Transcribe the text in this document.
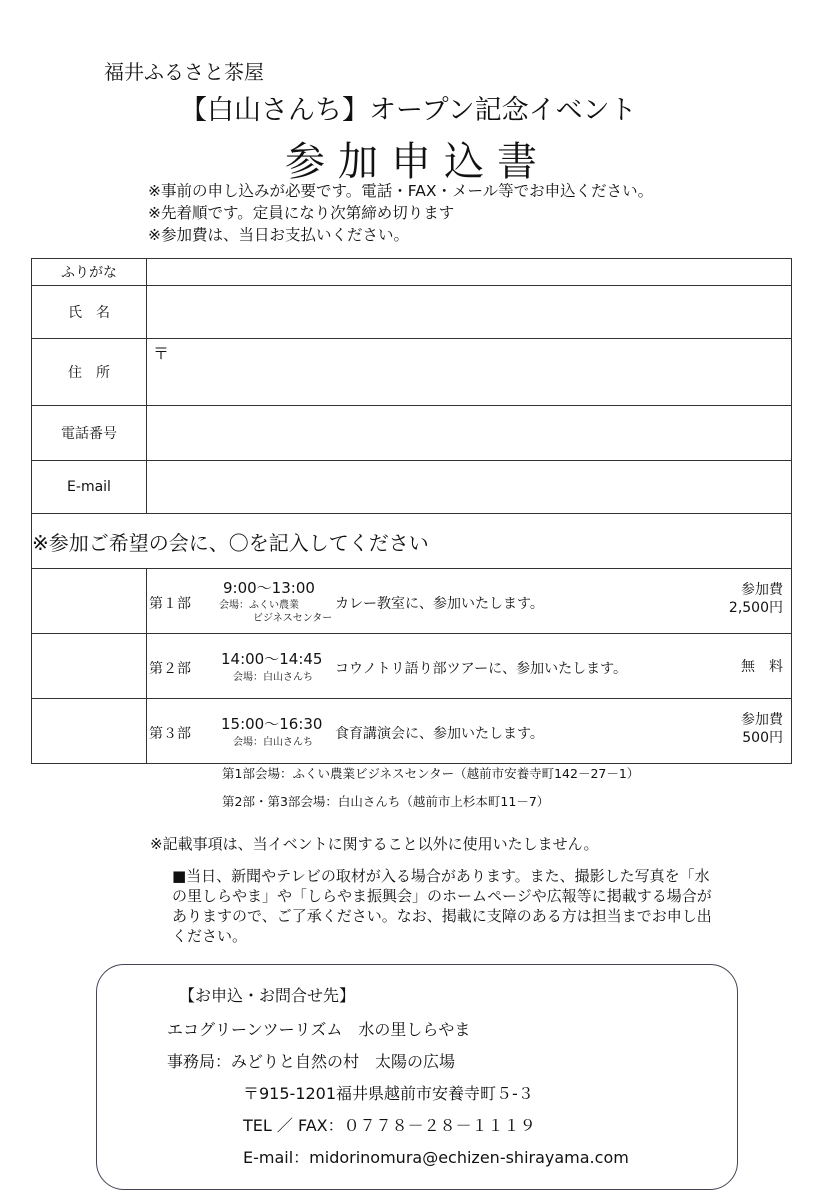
福井ふるさと茶屋
【白山さんち】オープン記念イベント
参加申込書
※事前の申し込みが必要です。電話・FAX・メール等でお申込ください。
※先着順です。定員になり次第締め切ります
※参加費は、当日お支払いください。
ふりがな
氏　名
住　所
〒
電話番号
E-mail
※参加ご希望の会に、〇を記入してください
第１部
9:00～13:00
会場：ふくい農業
ビジネスセンター
カレー教室に、参加いたします。
参加費
2,500円
第２部
14:00～14:45
会場：白山さんち
コウノトリ語り部ツアーに、参加いたします。	無　料
第３部
15:00～16:30
会場：白山さんち
食育講演会に、参加いたします。
参加費
500円
第1部会場：ふくい農業ビジネスセンター（越前市安養寺町142－27－1）
第2部・第3部会場：白山さんち（越前市上杉本町11－7）
※記載事項は、当イベントに関すること以外に使用いたしません。

■当日、新聞やテレビの取材が入る場合があります。また、撮影した写真を「水
の里しらやま」や「しらやま振興会」のホームページや広報等に掲載する場合が
ありますので、ご了承ください。なお、掲載に支障のある方は担当までお申し出
ください。

【お申込・お問合せ先】
エコグリーンツーリズム　水の里しらやま
事務局：みどりと自然の村　太陽の広場
〒915-1201福井県越前市安養寺町５-３
TEL ／ FAX：０７７８－２８－１１１９
E-mail：midorinomura@echizen-shirayama.com
